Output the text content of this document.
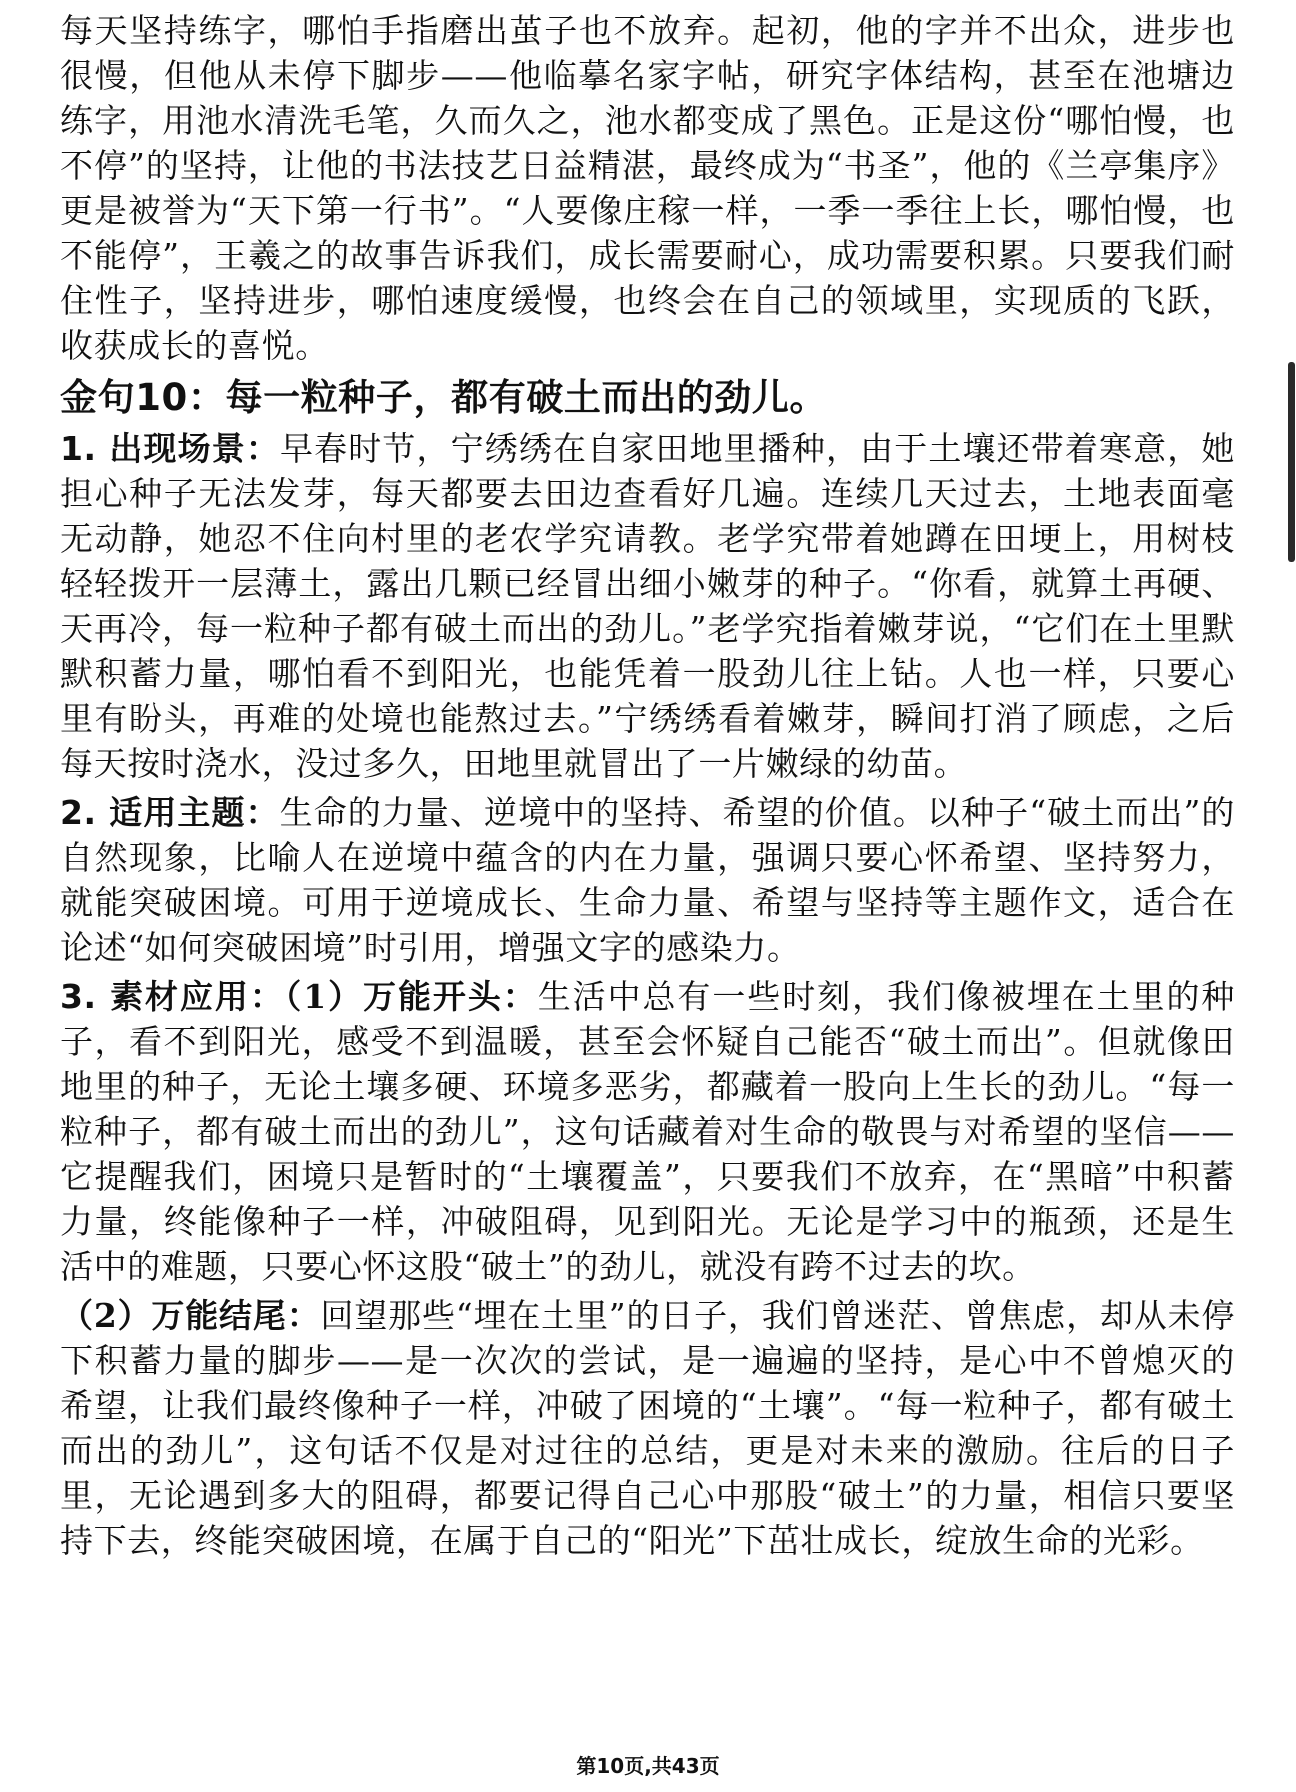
每天坚持练字，哪怕手指磨出茧子也不放弃。起初，他的字并不出众，进步也很慢，但他从未停下脚步——他临摹名家字帖，研究字体结构，甚至在池塘边练字，用池水清洗毛笔，久而久之，池水都变成了黑色。正是这份“哪怕慢，也不停”的坚持，让他的书法技艺日益精湛，最终成为“书圣”，他的《兰亭集序》更是被誉为“天下第一行书”。“人要像庄稼一样，一季一季往上长，哪怕慢，也不能停”，王羲之的故事告诉我们，成长需要耐心，成功需要积累。只要我们耐住性子，坚持进步，哪怕速度缓慢，也终会在自己的领域里，实现质的飞跃，收获成长的喜悦。

金句10：每一粒种子，都有破土而出的劲儿。

1. 出现场景：早春时节，宁绣绣在自家田地里播种，由于土壤还带着寒意，她担心种子无法发芽，每天都要去田边查看好几遍。连续几天过去，土地表面毫无动静，她忍不住向村里的老农学究请教。老学究带着她蹲在田埂上，用树枝轻轻拨开一层薄土，露出几颗已经冒出细小嫩芽的种子。“你看，就算土再硬、天再冷，每一粒种子都有破土而出的劲儿。”老学究指着嫩芽说，“它们在土里默默积蓄力量，哪怕看不到阳光，也能凭着一股劲儿往上钻。人也一样，只要心里有盼头，再难的处境也能熬过去。”宁绣绣看着嫩芽，瞬间打消了顾虑，之后每天按时浇水，没过多久，田地里就冒出了一片嫩绿的幼苗。

2. 适用主题：生命的力量、逆境中的坚持、希望的价值。以种子“破土而出”的自然现象，比喻人在逆境中蕴含的内在力量，强调只要心怀希望、坚持努力，就能突破困境。可用于逆境成长、生命力量、希望与坚持等主题作文，适合在论述“如何突破困境”时引用，增强文字的感染力。

3. 素材应用：（1）万能开头：生活中总有一些时刻，我们像被埋在土里的种子，看不到阳光，感受不到温暖，甚至会怀疑自己能否“破土而出”。但就像田地里的种子，无论土壤多硬、环境多恶劣，都藏着一股向上生长的劲儿。“每一粒种子，都有破土而出的劲儿”，这句话藏着对生命的敬畏与对希望的坚信——它提醒我们，困境只是暂时的“土壤覆盖”，只要我们不放弃，在“黑暗”中积蓄力量，终能像种子一样，冲破阻碍，见到阳光。无论是学习中的瓶颈，还是生活中的难题，只要心怀这股“破土”的劲儿，就没有跨不过去的坎。

（2）万能结尾：回望那些“埋在土里”的日子，我们曾迷茫、曾焦虑，却从未停下积蓄力量的脚步——是一次次的尝试，是一遍遍的坚持，是心中不曾熄灭的希望，让我们最终像种子一样，冲破了困境的“土壤”。“每一粒种子，都有破土而出的劲儿”，这句话不仅是对过往的总结，更是对未来的激励。往后的日子里，无论遇到多大的阻碍，都要记得自己心中那股“破土”的力量，相信只要坚持下去，终能突破困境，在属于自己的“阳光”下茁壮成长，绽放生命的光彩。

第10页,共43页
